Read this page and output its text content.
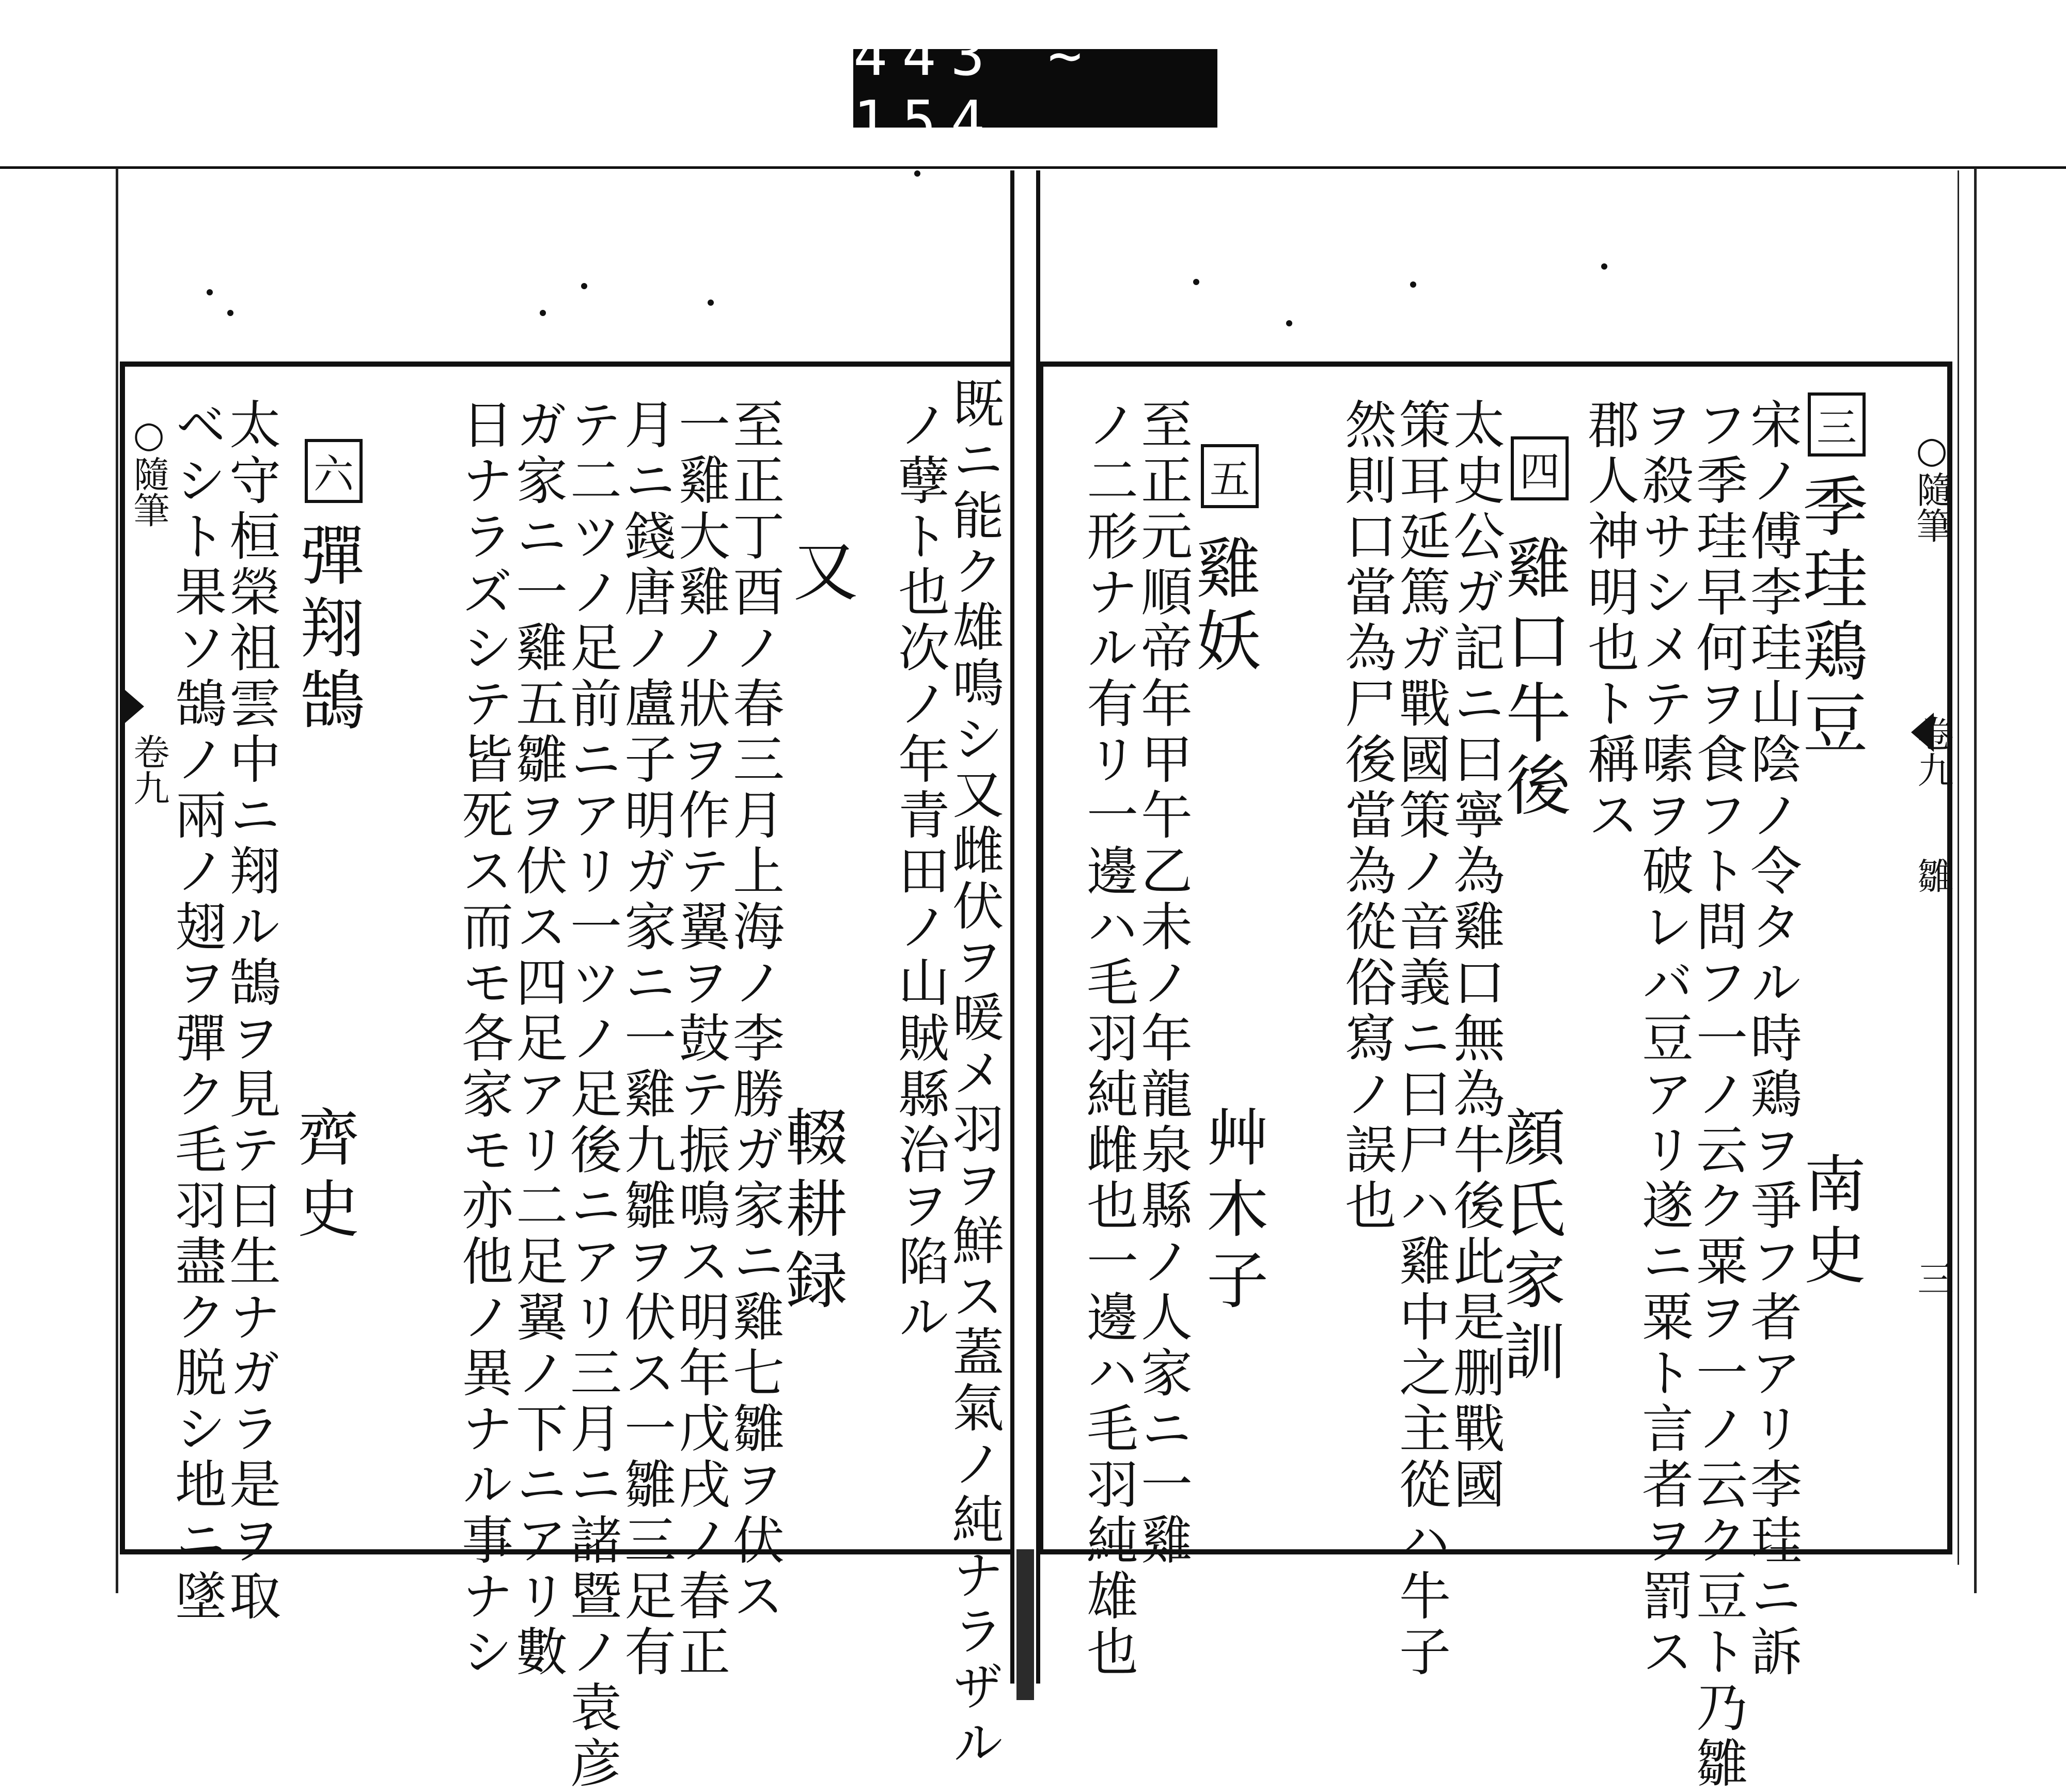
443 ~ 154
○隨筆
卷九
雛
三
三
季珪鶏豆
南史
宋ノ傅李珪山陰ノ令タル時鶏ヲ爭フ者アリ李珪ニ訴
フ季珪早何ヲ食フト問フ一ノ云ク粟ヲ一ノ云ク豆ト乃雛
ヲ殺サシメテ嗉ヲ破レバ豆アリ遂ニ粟ト言者ヲ罰ス
郡人神明也ト稱ス
四
雞口牛後
顔氏家訓
太史公ガ記ニ曰寧為雞口無為牛後此是删戰國
策耳延篤ガ戰國策ノ音義ニ曰尸ハ雞中之主從ハ牛子
然則口當為尸後當為從俗寫ノ誤也
五
雞妖
艸木子
至正元順帝年甲午乙未ノ年龍泉縣ノ人家ニ一雞
ノ二形ナル有リ一邊ハ毛羽純雌也一邊ハ毛羽純雄也
既ニ能ク雄鳴シ又雌伏ヲ暖メ羽ヲ鮮ス蓋氣ノ純ナラザル
ノ孽ト也次ノ年青田ノ山賊縣治ヲ陷ル
又
輟耕録
至正丁酉ノ春三月上海ノ李勝ガ家ニ雞七雛ヲ伏ス
一雞大雞ノ狀ヲ作テ翼ヲ鼓テ振鳴ス明年戊戌ノ春正
月ニ錢唐ノ盧子明ガ家ニ一雞九雛ヲ伏ス一雛三足有
テ二ツノ足前ニアリ一ツノ足後ニアリ三月ニ諸暨ノ袁彦
ガ家ニ一雞五雛ヲ伏ス四足アリ二足翼ノ下ニアリ數
日ナラズシテ皆死ス而モ各家モ亦他ノ異ナル事ナシ
六
彈翔鵠
齊史
太守桓榮祖雲中ニ翔ル鵠ヲ見テ曰生ナガラ是ヲ取
ベシト果ソ鵠ノ兩ノ翅ヲ彈ク毛羽盡ク脱シ地ニ墜
○隨筆
卷九
